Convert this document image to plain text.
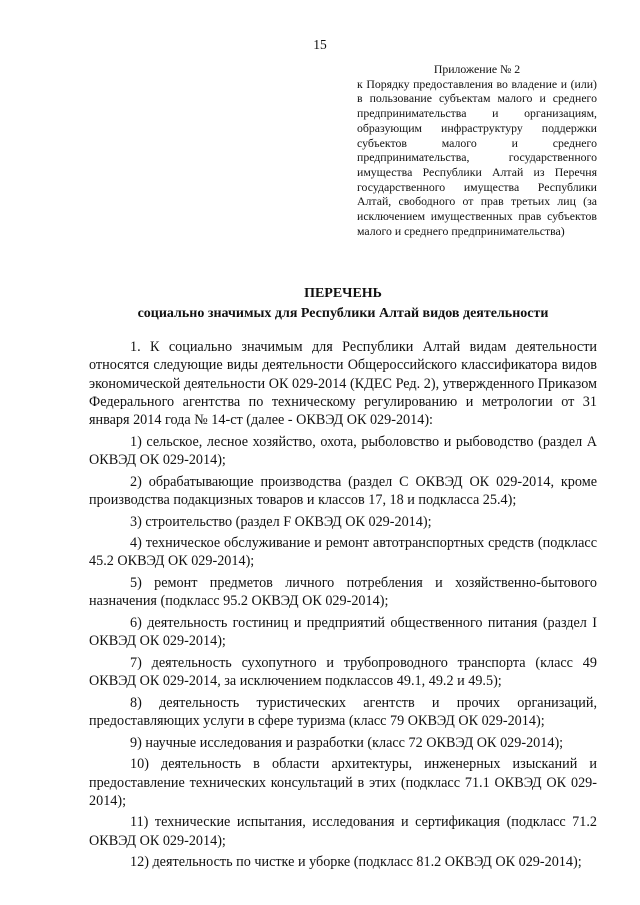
15
Приложение № 2
к Порядку предоставления во владение и (или) в пользование субъектам малого и среднего предпринимательства и организациям, образующим инфраструктуру поддержки субъектов малого и среднего предпринимательства, государственного имущества Республики Алтай из Перечня государственного имущества Республики Алтай, свободного от прав третьих лиц (за исключением имущественных прав субъектов малого и среднего предпринимательства)
ПЕРЕЧЕНЬ
социально значимых для Республики Алтай видов деятельности

1. К социально значимым для Республики Алтай видам деятельности относятся следующие виды деятельности Общероссийского классификатора видов экономической деятельности ОК 029-2014 (КДЕС Ред. 2), утвержденного Приказом Федерального агентства по техническому регулированию и метрологии от 31 января 2014 года № 14-ст (далее - ОКВЭД ОК 029-2014):

1) сельское, лесное хозяйство, охота, рыболовство и рыбоводство (раздел A ОКВЭД ОК 029-2014);

2) обрабатывающие производства (раздел C ОКВЭД ОК 029-2014, кроме производства подакцизных товаров и классов 17, 18 и подкласса 25.4);

3) строительство (раздел F ОКВЭД ОК 029-2014);

4) техническое обслуживание и ремонт автотранспортных средств (подкласс 45.2 ОКВЭД ОК 029-2014);

5) ремонт предметов личного потребления и хозяйственно-бытового назначения (подкласс 95.2 ОКВЭД ОК 029-2014);

6) деятельность гостиниц и предприятий общественного питания (раздел I ОКВЭД ОК 029-2014);

7) деятельность сухопутного и трубопроводного транспорта (класс 49 ОКВЭД ОК 029-2014, за исключением подклассов 49.1, 49.2 и 49.5);

8) деятельность туристических агентств и прочих организаций, предоставляющих услуги в сфере туризма (класс 79 ОКВЭД ОК 029-2014);

9) научные исследования и разработки (класс 72 ОКВЭД ОК 029-2014);

10) деятельность в области архитектуры, инженерных изысканий и предоставление технических консультаций в этих (подкласс 71.1 ОКВЭД ОК 029-2014);

11) технические испытания, исследования и сертификация (подкласс 71.2 ОКВЭД ОК 029-2014);

12) деятельность по чистке и уборке (подкласс 81.2 ОКВЭД ОК 029-2014);
